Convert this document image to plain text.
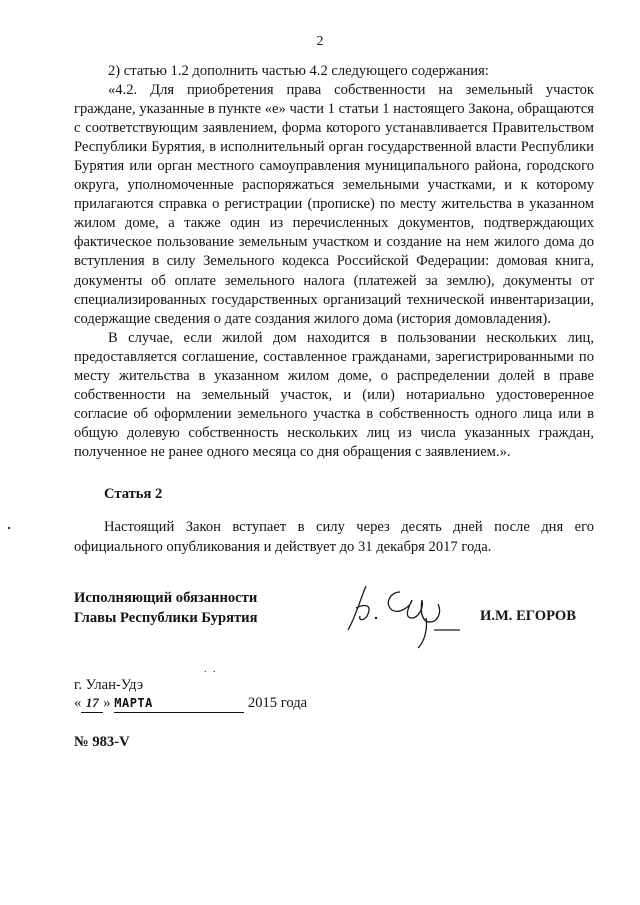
2

2) статью 1.2 дополнить частью 4.2 следующего содержания:

«4.2. Для приобретения права собственности на земельный участок граждане, указанные в пункте «е» части 1 статьи 1 настоящего Закона, обращаются с соответствующим заявлением, форма которого устанавливается Правительством Республики Бурятия, в исполнительный орган государственной власти Республики Бурятия или орган местного самоуправления муниципального района, городского округа, уполномоченные распоряжаться земельными участками, и к которому прилагаются справка о регистрации (прописке) по месту жительства в указанном жилом доме, а также один из перечисленных документов, подтверждающих фактическое пользование земельным участком и создание на нем жилого дома до вступления в силу Земельного кодекса Российской Федерации: домовая книга, документы об оплате земельного налога (платежей за землю), документы от специализированных государственных организаций технической инвентаризации, содержащие сведения о дате создания жилого дома (история домовладения).

В случае, если жилой дом находится в пользовании нескольких лиц, предоставляется соглашение, составленное гражданами, зарегистрированными по месту жительства в указанном жилом доме, о распределении долей в праве собственности на земельный участок, и (или) нотариально удостоверенное согласие об оформлении земельного участка в собственность одного лица или в общую долевую собственность нескольких лиц из числа указанных граждан, полученное не ранее одного месяца со дня обращения с заявлением.».

Статья 2
Настоящий Закон вступает в силу через десять дней после дня его официального опубликования и действует до 31 декабря 2017 года.
Исполняющий обязанности
Главы Республики Бурятия	И.М. ЕГОРОВ
. .
г. Улан-Удэ
« 17 » МАРТА	2015 года
№ 983-V
